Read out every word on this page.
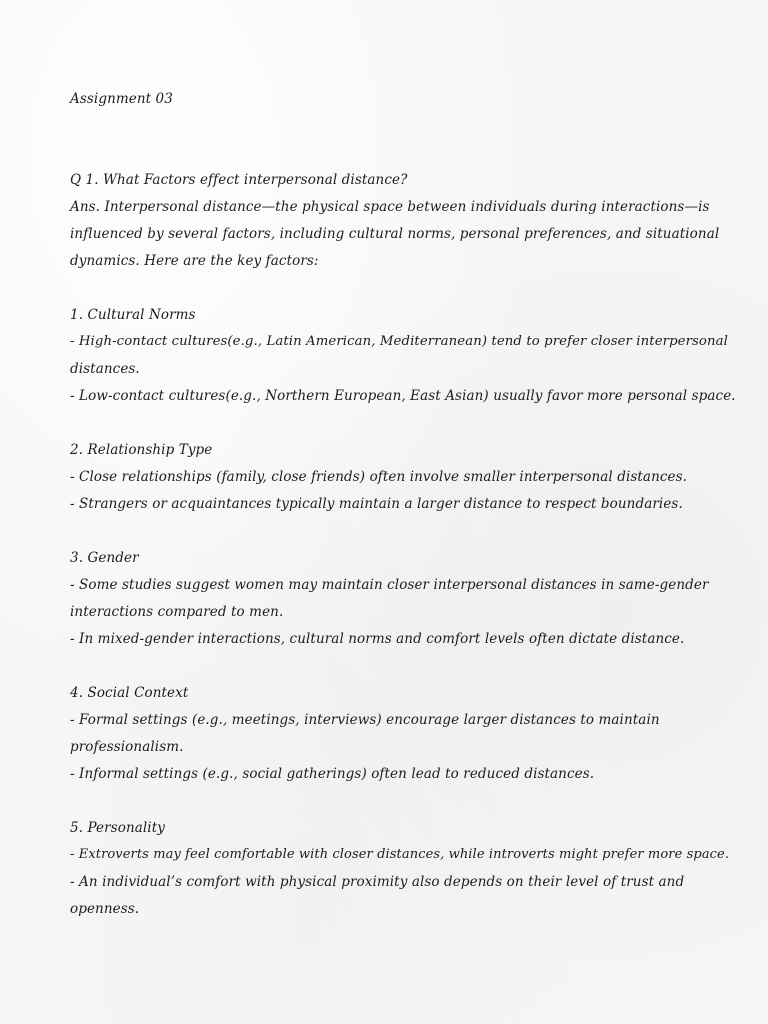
Assignment 03
Q 1. What Factors effect interpersonal distance?
Ans. Interpersonal distance—the physical space between individuals during interactions—is
influenced by several factors, including cultural norms, personal preferences, and situational
dynamics. Here are the key factors:
1. Cultural Norms
- High-contact cultures(e.g., Latin American, Mediterranean) tend to prefer closer interpersonal
distances.
- Low-contact cultures(e.g., Northern European, East Asian) usually favor more personal space.
2. Relationship Type
- Close relationships (family, close friends) often involve smaller interpersonal distances.
- Strangers or acquaintances typically maintain a larger distance to respect boundaries.
3. Gender
- Some studies suggest women may maintain closer interpersonal distances in same-gender
interactions compared to men.
- In mixed-gender interactions, cultural norms and comfort levels often dictate distance.
4. Social Context
- Formal settings (e.g., meetings, interviews) encourage larger distances to maintain
professionalism.
- Informal settings (e.g., social gatherings) often lead to reduced distances.
5. Personality
- Extroverts may feel comfortable with closer distances, while introverts might prefer more space.
- An individual’s comfort with physical proximity also depends on their level of trust and
openness.
